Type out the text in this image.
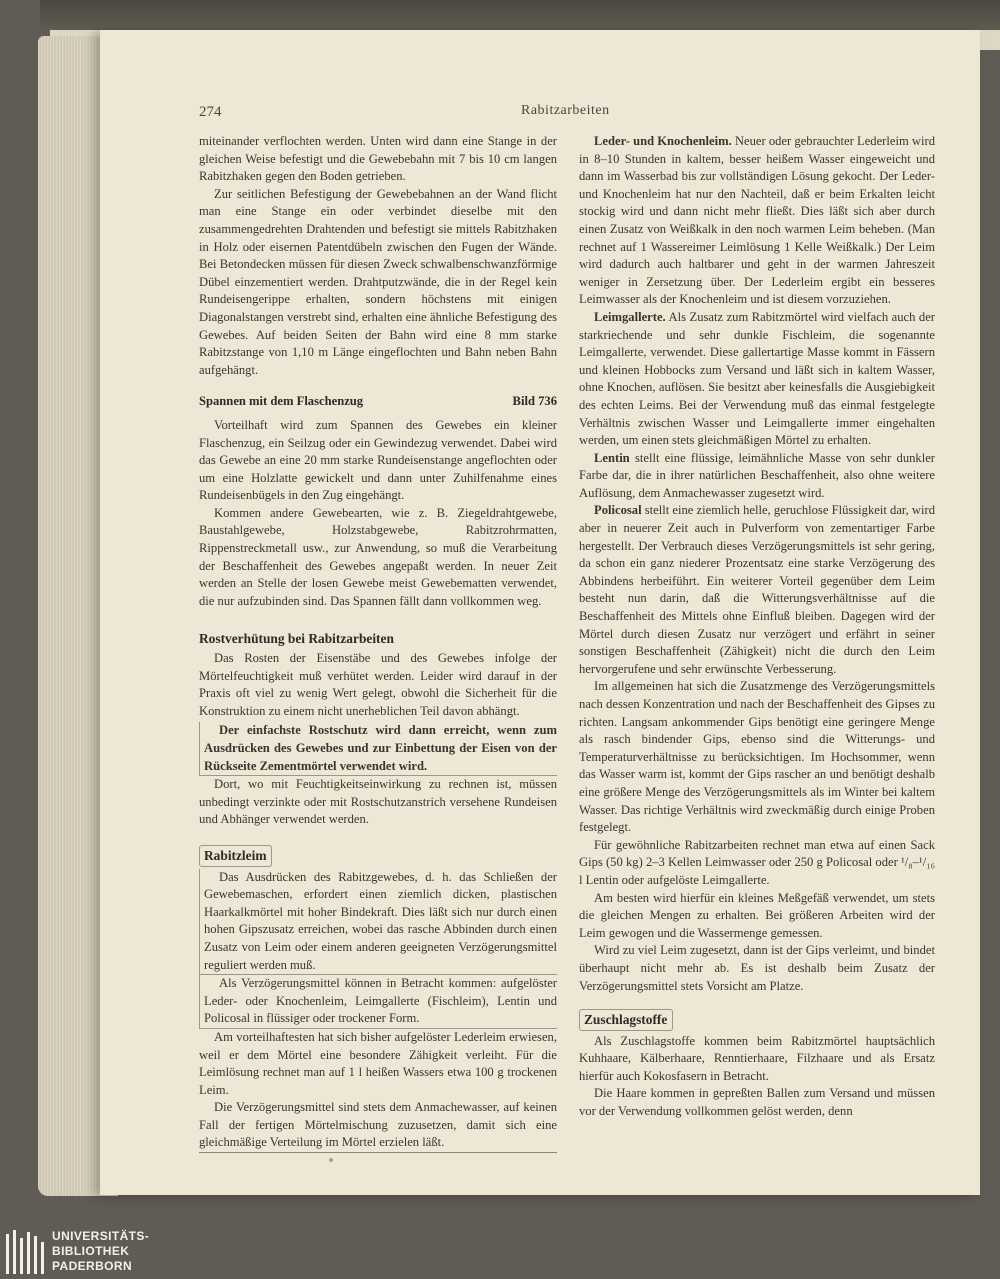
274	Rabitzarbeiten

miteinander verflochten werden. Unten wird dann eine Stange in der gleichen Weise befestigt und die Gewebebahn mit 7 bis 10 cm langen Rabitzhaken gegen den Boden getrieben.

Zur seitlichen Befestigung der Gewebebahnen an der Wand flicht man eine Stange ein oder verbindet dieselbe mit den zusammengedrehten Drahtenden und befestigt sie mittels Rabitzhaken in Holz oder eisernen Patentdübeln zwischen den Fugen der Wände. Bei Betondecken müssen für diesen Zweck schwalbenschwanzförmige Dübel einzementiert werden. Drahtputzwände, die in der Regel kein Rundeisengerippe erhalten, sondern höchstens mit einigen Diagonalstangen verstrebt sind, erhalten eine ähnliche Befestigung des Gewebes. Auf beiden Seiten der Bahn wird eine 8 mm starke Rabitzstange von 1,10 m Länge eingeflochten und Bahn neben Bahn aufgehängt.

Spannen mit dem Flaschenzug	Bild 736

Vorteilhaft wird zum Spannen des Gewebes ein kleiner Flaschenzug, ein Seilzug oder ein Gewindezug verwendet. Dabei wird das Gewebe an eine 20 mm starke Rundeisenstange angeflochten oder um eine Holzlatte gewickelt und dann unter Zuhilfenahme eines Rundeisenbügels in den Zug eingehängt.

Kommen andere Gewebearten, wie z. B. Ziegeldrahtgewebe, Baustahlgewebe, Holzstabgewebe, Rabitzrohrmatten, Rippenstreckmetall usw., zur Anwendung, so muß die Verarbeitung der Beschaffenheit des Gewebes angepaßt werden. In neuer Zeit werden an Stelle der losen Gewebe meist Gewebematten verwendet, die nur aufzubinden sind. Das Spannen fällt dann vollkommen weg.

Rostverhütung bei Rabitzarbeiten

Das Rosten der Eisenstäbe und des Gewebes infolge der Mörtelfeuchtigkeit muß verhütet werden. Leider wird darauf in der Praxis oft viel zu wenig Wert gelegt, obwohl die Sicherheit für die Konstruktion zu einem nicht unerheblichen Teil davon abhängt.

Der einfachste Rostschutz wird dann erreicht, wenn zum Ausdrücken des Gewebes und zur Einbettung der Eisen von der Rückseite Zementmörtel verwendet wird.

Dort, wo mit Feuchtigkeitseinwirkung zu rechnen ist, müssen unbedingt verzinkte oder mit Rostschutzanstrich versehene Rundeisen und Abhänger verwendet werden.

Rabitzleim

Das Ausdrücken des Rabitzgewebes, d. h. das Schließen der Gewebemaschen, erfordert einen ziemlich dicken, plastischen Haarkalkmörtel mit hoher Bindekraft. Dies läßt sich nur durch einen hohen Gipszusatz erreichen, wobei das rasche Abbinden durch einen Zusatz von Leim oder einem anderen geeigneten Verzögerungsmittel reguliert werden muß.

Als Verzögerungsmittel können in Betracht kommen: aufgelöster Leder- oder Knochenleim, Leimgallerte (Fischleim), Lentin und Policosal in flüssiger oder trockener Form.

Am vorteilhaftesten hat sich bisher aufgelöster Lederleim erwiesen, weil er dem Mörtel eine besondere Zähigkeit verleiht. Für die Leimlösung rechnet man auf 1 l heißen Wassers etwa 100 g trockenen Leim.

Die Verzögerungsmittel sind stets dem Anmachewasser, auf keinen Fall der fertigen Mörtelmischung zuzusetzen, damit sich eine gleichmäßige Verteilung im Mörtel erzielen läßt.

Leder- und Knochenleim. Neuer oder gebrauchter Lederleim wird in 8–10 Stunden in kaltem, besser heißem Wasser eingeweicht und dann im Wasserbad bis zur vollständigen Lösung gekocht. Der Leder- und Knochenleim hat nur den Nachteil, daß er beim Erkalten leicht stockig wird und dann nicht mehr fließt. Dies läßt sich aber durch einen Zusatz von Weißkalk in den noch warmen Leim beheben. (Man rechnet auf 1 Wassereimer Leimlösung 1 Kelle Weißkalk.) Der Leim wird dadurch auch haltbarer und geht in der warmen Jahreszeit weniger in Zersetzung über. Der Lederleim ergibt ein besseres Leimwasser als der Knochenleim und ist diesem vorzuziehen.

Leimgallerte. Als Zusatz zum Rabitzmörtel wird vielfach auch der starkriechende und sehr dunkle Fischleim, die sogenannte Leimgallerte, verwendet. Diese gallertartige Masse kommt in Fässern und kleinen Hobbocks zum Versand und läßt sich in kaltem Wasser, ohne Knochen, auflösen. Sie besitzt aber keinesfalls die Ausgiebigkeit des echten Leims. Bei der Verwendung muß das einmal festgelegte Verhältnis zwischen Wasser und Leimgallerte immer eingehalten werden, um einen stets gleichmäßigen Mörtel zu erhalten.

Lentin stellt eine flüssige, leimähnliche Masse von sehr dunkler Farbe dar, die in ihrer natürlichen Beschaffenheit, also ohne weitere Auflösung, dem Anmachewasser zugesetzt wird.

Policosal stellt eine ziemlich helle, geruchlose Flüssigkeit dar, wird aber in neuerer Zeit auch in Pulverform von zementartiger Farbe hergestellt. Der Verbrauch dieses Verzögerungsmittels ist sehr gering, da schon ein ganz niederer Prozentsatz eine starke Verzögerung des Abbindens herbeiführt. Ein weiterer Vorteil gegenüber dem Leim besteht nun darin, daß die Witterungsverhältnisse auf die Beschaffenheit des Mittels ohne Einfluß bleiben. Dagegen wird der Mörtel durch diesen Zusatz nur verzögert und erfährt in seiner sonstigen Beschaffenheit (Zähigkeit) nicht die durch den Leim hervorgerufene und sehr erwünschte Verbesserung.

Im allgemeinen hat sich die Zusatzmenge des Verzögerungsmittels nach dessen Konzentration und nach der Beschaffenheit des Gipses zu richten. Langsam ankommender Gips benötigt eine geringere Menge als rasch bindender Gips, ebenso sind die Witterungs- und Temperaturverhältnisse zu berücksichtigen. Im Hochsommer, wenn das Wasser warm ist, kommt der Gips rascher an und benötigt deshalb eine größere Menge des Verzögerungsmittels als im Winter bei kaltem Wasser. Das richtige Verhältnis wird zweckmäßig durch einige Proben festgelegt.

Für gewöhnliche Rabitzarbeiten rechnet man etwa auf einen Sack Gips (50 kg) 2–3 Kellen Leimwasser oder 250 g Policosal oder ¹/₈–¹/₁₆ l Lentin oder aufgelöste Leimgallerte.

Am besten wird hierfür ein kleines Meßgefäß verwendet, um stets die gleichen Mengen zu erhalten. Bei größeren Arbeiten wird der Leim gewogen und die Wassermenge gemessen.

Wird zu viel Leim zugesetzt, dann ist der Gips verleimt, und bindet überhaupt nicht mehr ab. Es ist deshalb beim Zusatz der Verzögerungsmittel stets Vorsicht am Platze.

Zuschlagstoffe

Als Zuschlagstoffe kommen beim Rabitzmörtel hauptsächlich Kuhhaare, Kälberhaare, Renntierhaare, Filzhaare und als Ersatz hierfür auch Kokosfasern in Betracht.

Die Haare kommen in gepreßten Ballen zum Versand und müssen vor der Verwendung vollkommen gelöst werden, denn

UNIVERSITÄTS-
BIBLIOTHEK
PADERBORN
